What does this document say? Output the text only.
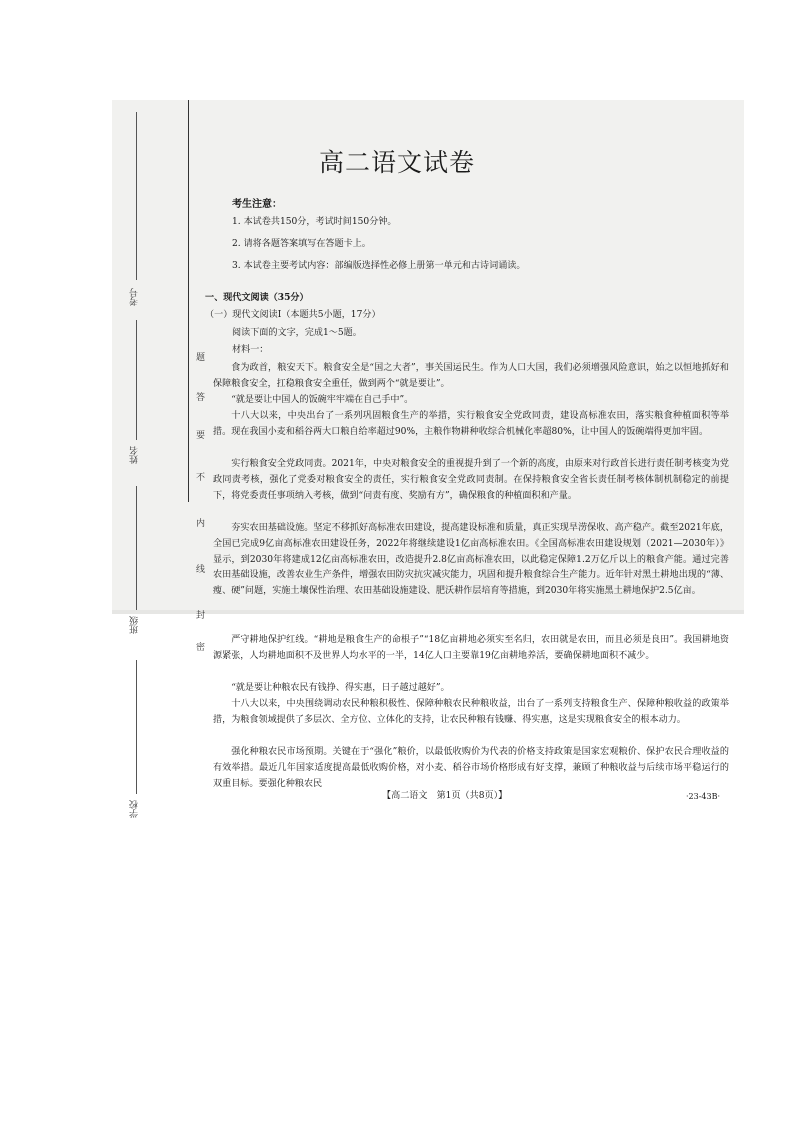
考号
姓名
班级
学校
密
封
线
内
不
要
答
题
高二语文试卷
考生注意：
1. 本试卷共150分，考试时间150分钟。
2. 请将各题答案填写在答题卡上。
3. 本试卷主要考试内容：部编版选择性必修上册第一单元和古诗词诵读。
一、现代文阅读（35分）
（一）现代文阅读Ⅰ（本题共5小题，17分）
阅读下面的文字，完成1～5题。
材料一：
食为政首，粮安天下。粮食安全是“国之大者”，事关国运民生。作为人口大国，我们必须增强风险意识，始之以恒地抓好和保障粮食安全，扛稳粮食安全重任，做到两个“就是要让”。
“就是要让中国人的饭碗牢牢端在自己手中”。
十八大以来，中央出台了一系列巩固粮食生产的举措，实行粮食安全党政同责，建设高标准农田，落实粮食种植面积等举措。现在我国小麦和稻谷两大口粮自给率超过90%，主粮作物耕种收综合机械化率超80%，让中国人的饭碗端得更加牢固。
实行粮食安全党政同责。2021年，中央对粮食安全的重视提升到了一个新的高度，由原来对行政首长进行责任制考核变为党政同责考核，强化了党委对粮食安全的责任，实行粮食安全党政同责制。在保持粮食安全省长责任制考核体制机制稳定的前提下，将党委责任事项纳入考核，做到“问责有度、奖励有方”，确保粮食的种植面积和产量。
夯实农田基础设施。坚定不移抓好高标准农田建设，提高建设标准和质量，真正实现旱涝保收、高产稳产。截至2021年底，全国已完成9亿亩高标准农田建设任务，2022年将继续建设1亿亩高标准农田。《全国高标准农田建设规划（2021—2030年）》显示，到2030年将建成12亿亩高标准农田，改造提升2.8亿亩高标准农田，以此稳定保障1.2万亿斤以上的粮食产能。通过完善农田基础设施，改善农业生产条件，增强农田防灾抗灾减灾能力，巩固和提升粮食综合生产能力。近年针对黑土耕地出现的“薄、瘦、硬”问题，实施土壤保性治理、农田基础设施建设、肥沃耕作层培育等措施，到2030年将实施黑土耕地保护2.5亿亩。
严守耕地保护红线。“耕地是粮食生产的命根子”“18亿亩耕地必须实至名归，农田就是农田，而且必须是良田”。我国耕地资源紧张，人均耕地面积不及世界人均水平的一半，14亿人口主要靠19亿亩耕地养活，要确保耕地面积不减少。
“就是要让种粮农民有钱挣、得实惠，日子越过越好”。
十八大以来，中央围绕调动农民种粮积极性、保障种粮农民种粮收益，出台了一系列支持粮食生产、保障种粮收益的政策举措，为粮食领域提供了多层次、全方位、立体化的支持，让农民种粮有钱赚、得实惠，这是实现粮食安全的根本动力。
强化种粮农民市场预期。关键在于“强化”粮价，以最低收购价为代表的价格支持政策是国家宏观粮价、保护农民合理收益的有效举措。最近几年国家适度提高最低收购价格，对小麦、稻谷市场价格形成有好支撑，兼顾了种粮收益与后续市场平稳运行的双重目标。要强化种粮农民
【高二语文　第1页（共8页）】	·23-43B·
